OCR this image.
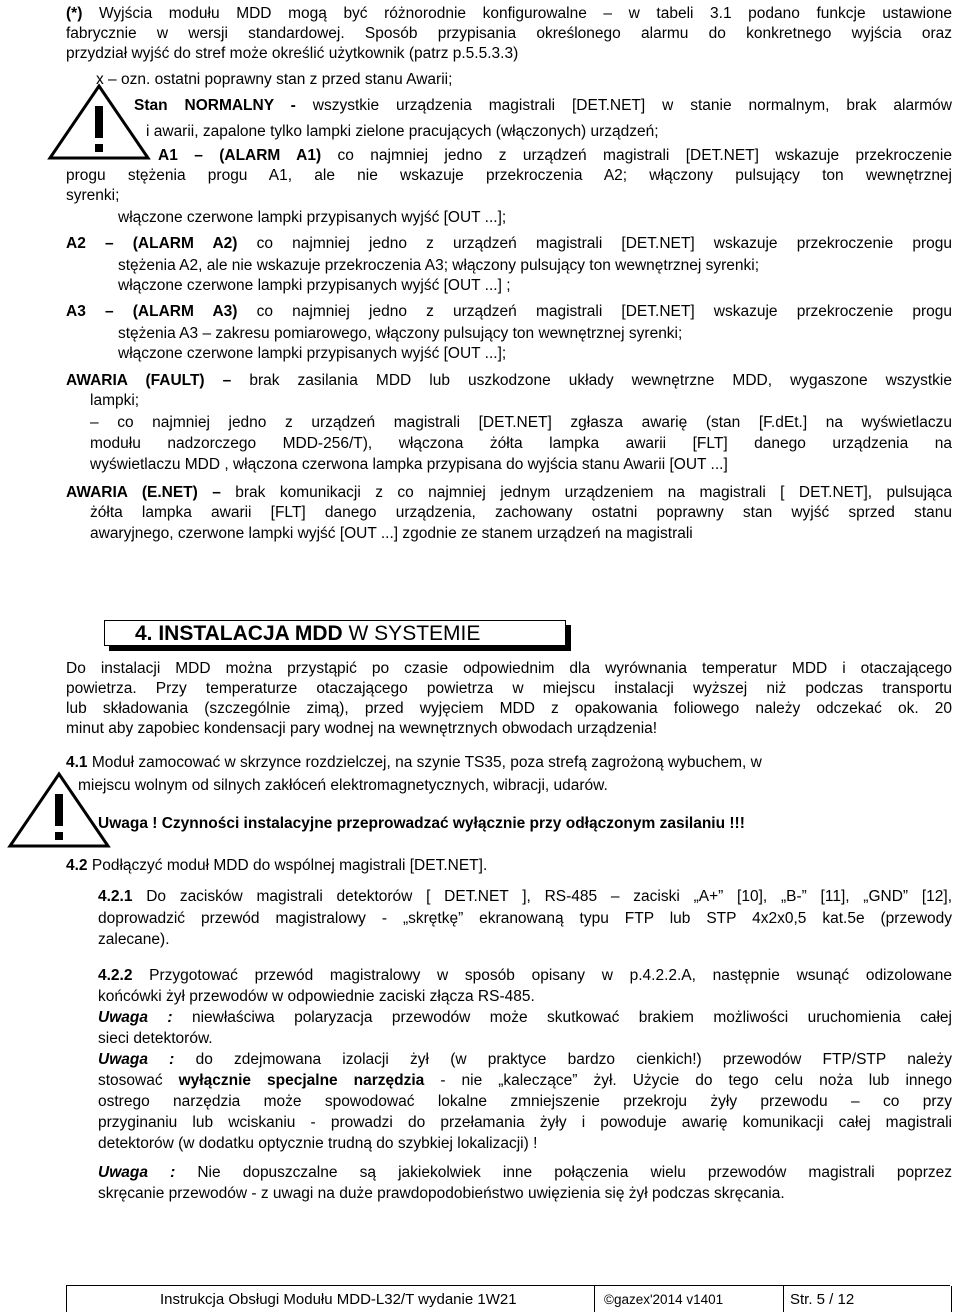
(*) Wyjścia modułu MDD mogą być różnorodnie konfigurowalne – w tabeli 3.1 podano funkcje ustawione
fabrycznie w wersji standardowej. Sposób przypisania określonego alarmu do konkretnego wyjścia oraz
przydział wyjść do stref może określić użytkownik (patrz p.5.5.3.3)
x – ozn. ostatni poprawny stan z przed stanu Awarii;
Stan NORMALNY - wszystkie urządzenia magistrali [DET.NET] w stanie normalnym, brak alarmów
i awarii, zapalone tylko lampki zielone pracujących (włączonych) urządzeń;
A1 – (ALARM A1) co najmniej jedno z urządzeń magistrali [DET.NET] wskazuje przekroczenie
progu stężenia progu A1, ale nie wskazuje przekroczenia A2; włączony pulsujący ton wewnętrznej
syrenki;
włączone czerwone lampki przypisanych wyjść [OUT ...];
A2 – (ALARM A2) co najmniej jedno z urządzeń magistrali [DET.NET] wskazuje przekroczenie progu
stężenia A2, ale nie wskazuje przekroczenia A3; włączony pulsujący ton wewnętrznej syrenki;
włączone czerwone lampki przypisanych wyjść [OUT ...] ;
A3 – (ALARM A3) co najmniej jedno z urządzeń magistrali [DET.NET] wskazuje przekroczenie progu
stężenia A3 – zakresu pomiarowego, włączony pulsujący ton wewnętrznej syrenki;
włączone czerwone lampki przypisanych wyjść [OUT ...];
AWARIA (FAULT) – brak zasilania MDD lub uszkodzone układy wewnętrzne MDD, wygaszone wszystkie
lampki;
– co najmniej jedno z urządzeń magistrali [DET.NET] zgłasza awarię (stan [F.dEt.] na wyświetlaczu
modułu nadzorczego MDD-256/T), włączona żółta lampka awarii [FLT] danego urządzenia na
wyświetlaczu MDD , włączona czerwona lampka przypisana do wyjścia stanu Awarii [OUT ...]
AWARIA (E.NET) – brak komunikacji z co najmniej jednym urządzeniem na magistrali [ DET.NET], pulsująca
żółta lampka awarii [FLT] danego urządzenia, zachowany ostatni poprawny stan wyjść sprzed stanu
awaryjnego, czerwone lampki wyjść [OUT ...] zgodnie ze stanem urządzeń na magistrali
4. INSTALACJA MDD W SYSTEMIE
Do instalacji MDD można przystąpić po czasie odpowiednim dla wyrównania temperatur MDD i otaczającego
powietrza. Przy temperaturze otaczającego powietrza w miejscu instalacji wyższej niż podczas transportu
lub składowania (szczególnie zimą), przed wyjęciem MDD z opakowania foliowego należy odczekać ok. 20
minut aby zapobiec kondensacji pary wodnej na wewnętrznych obwodach urządzenia!
4.1 Moduł zamocować w skrzynce rozdzielczej, na szynie TS35, poza strefą zagrożoną wybuchem, w
miejscu wolnym od silnych zakłóceń elektromagnetycznych, wibracji, udarów.
Uwaga ! Czynności instalacyjne przeprowadzać wyłącznie przy odłączonym zasilaniu !!!
4.2 Podłączyć moduł MDD do wspólnej magistrali [DET.NET].
4.2.1 Do zacisków magistrali detektorów [ DET.NET ], RS-485 – zaciski „A+” [10], „B-” [11], „GND” [12],
doprowadzić przewód magistralowy - „skrętkę” ekranowaną typu FTP lub STP 4x2x0,5 kat.5e (przewody
zalecane).
4.2.2 Przygotować przewód magistralowy w sposób opisany w p.4.2.2.A, następnie wsunąć odizolowane
końcówki żył przewodów w odpowiednie zaciski złącza RS-485.
Uwaga : niewłaściwa polaryzacja przewodów może skutkować brakiem możliwości uruchomienia całej
sieci detektorów.
Uwaga : do zdejmowana izolacji żył (w praktyce bardzo cienkich!) przewodów FTP/STP należy
stosować wyłącznie specjalne narzędzia - nie „kaleczące” żył. Użycie do tego celu noża lub innego
ostrego narzędzia może spowodować lokalne zmniejszenie przekroju żyły przewodu – co przy
przyginaniu lub wciskaniu - prowadzi do przełamania żyły i powoduje awarię komunikacji całej magistrali
detektorów (w dodatku optycznie trudną do szybkiej lokalizacji) !
Uwaga : Nie dopuszczalne są jakiekolwiek inne połączenia wielu przewodów magistrali poprzez
skręcanie przewodów - z uwagi na duże prawdopodobieństwo uwięzienia się żył podczas skręcania.
Instrukcja Obsługi Modułu MDD-L32/T wydanie 1W21	©gazex'2014 v1401	Str. 5 / 12
